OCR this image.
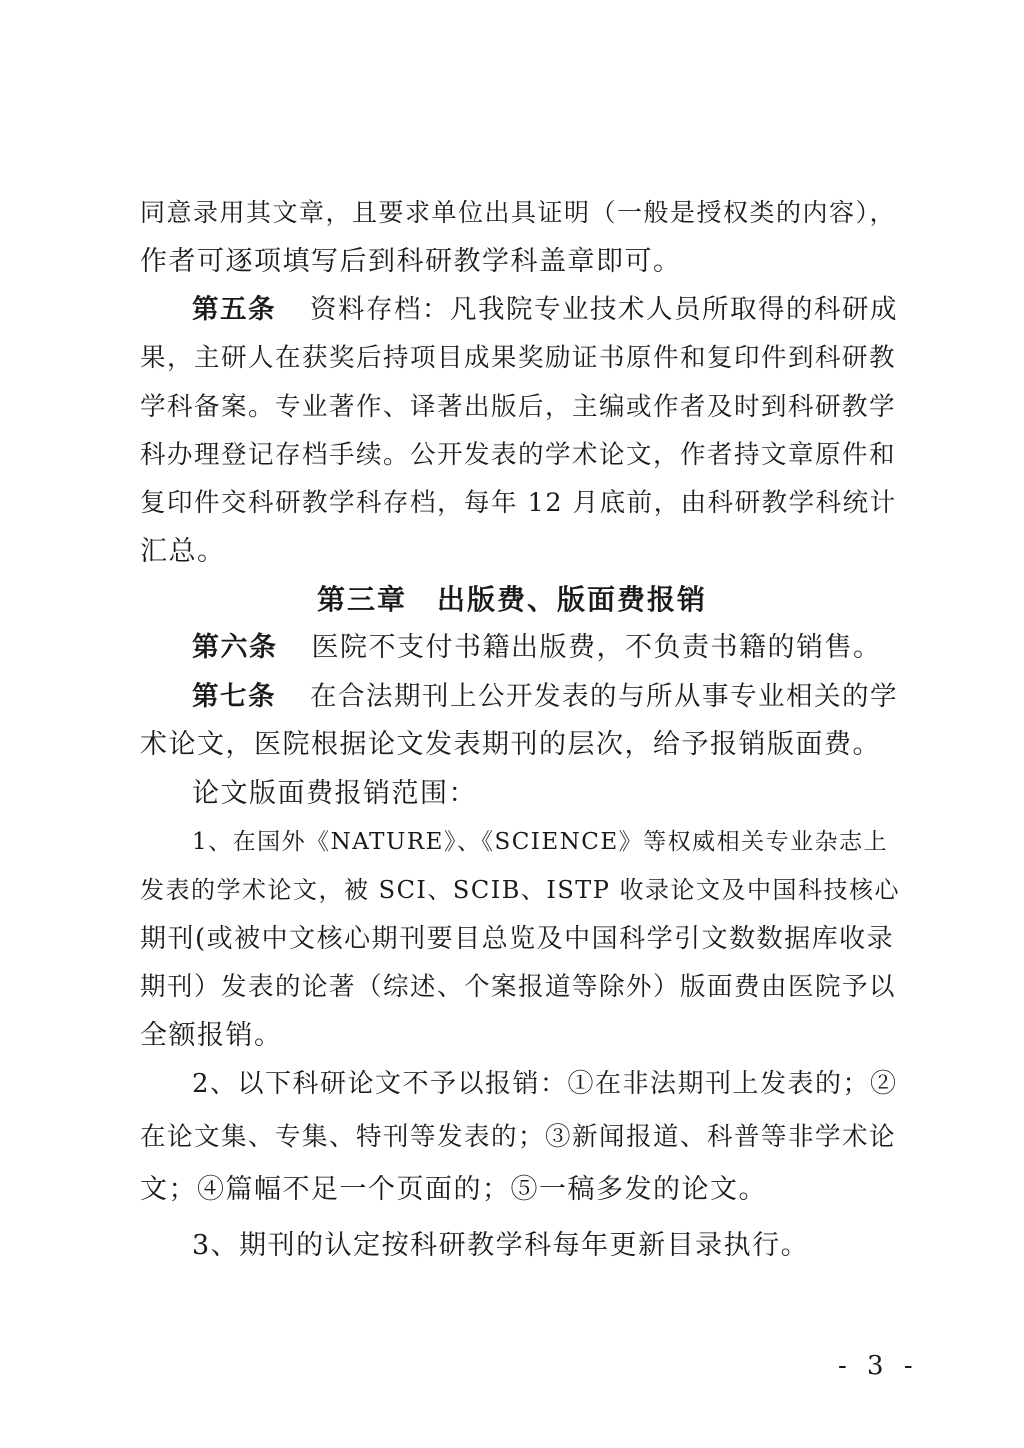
同意录用其文章，且要求单位出具证明（一般是授权类的内容），
作者可逐项填写后到科研教学科盖章即可。
第五条 资料存档：凡我院专业技术人员所取得的科研成
果，主研人在获奖后持项目成果奖励证书原件和复印件到科研教
学科备案。专业著作、译著出版后，主编或作者及时到科研教学
科办理登记存档手续。公开发表的学术论文，作者持文章原件和
复印件交科研教学科存档，每年 12 月底前，由科研教学科统计
汇总。
第三章　出版费、版面费报销
第六条 医院不支付书籍出版费，不负责书籍的销售。
第七条 在合法期刊上公开发表的与所从事专业相关的学
术论文，医院根据论文发表期刊的层次，给予报销版面费。
论文版面费报销范围：
1、在国外《NATURE》、《SCIENCE》等权威相关专业杂志上
发表的学术论文，被 SCI、SCIB、ISTP 收录论文及中国科技核心
期刊(或被中文核心期刊要目总览及中国科学引文数数据库收录
期刊）发表的论著（综述、个案报道等除外）版面费由医院予以
全额报销。
2、以下科研论文不予以报销：①在非法期刊上发表的；②
在论文集、专集、特刊等发表的；③新闻报道、科普等非学术论
文；④篇幅不足一个页面的；⑤一稿多发的论文。
3、期刊的认定按科研教学科每年更新目录执行。
- 3 -
